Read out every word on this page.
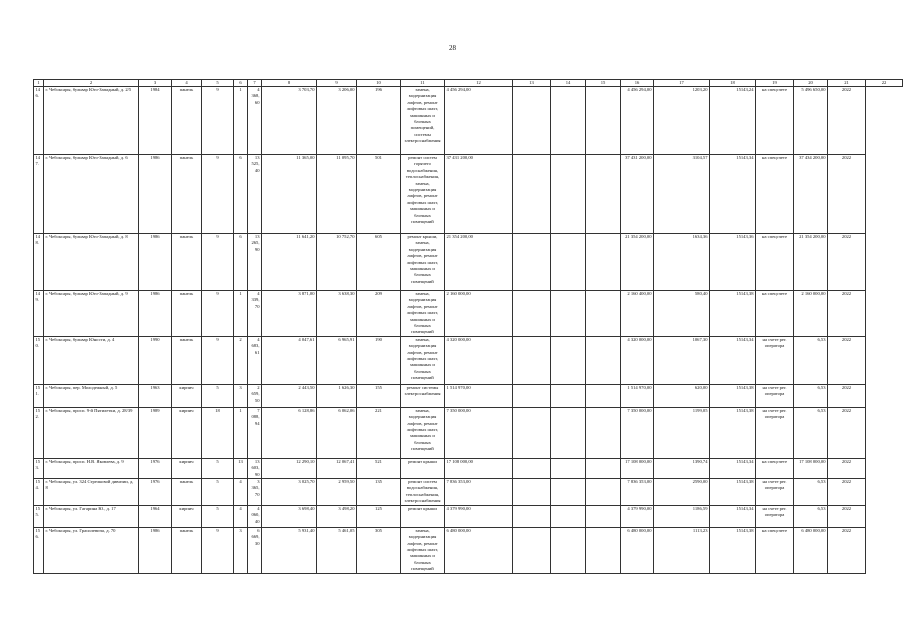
28
1	2	3	4	5	6	7	8	9	10	11	12	13	14	15	16	17	18	19	20	21	22
146.	г. Чебоксары, бульвар Юго-Западный, д. 2/5	1984	панель	9	1	4 368,60	3 703,70	3 206,00	196	замена, модернизация лифтов, ремонт лифтовых шахт, машинных и блочных помещений, системы электроснабжения	4 456 294,00				4 456 294,00	1203,20	15143,24	на спецсчете	5 496 650,00	2022	
147.	г. Чебоксары, бульвар Юго-Западный, д. 6	1986	панель	9	6	13 525,40	11 365,00	11 095,70	501	ремонт систем горячего водоснабжения, теплоснабжения, замена, модернизация лифтов, ремонт лифтовых шахт, машинных и блочных помещений	37 431 200,00				37 431 200,00	3104,57	15143,34	на спецсчете	37 434 200,00	2022	
148.	г. Чебоксары, бульвар Юго-Западный, д. 8	1986	панель	9	6	13 265,90	11 641,20	10 752,70	605	ремонт крыши, замена, модернизация лифтов, ремонт лифтовых шахт, машинных и блочных помещений	21 354 200,00				21 354 200,00	1634,36	15143,36	на спецсчете	21 354 200,00	2022	
149.	г. Чебоксары, бульвар Юго-Западный, д. 9	1986	панель	9	1	4 339,70	3 871,00	3 638,30	209	замена, модернизация лифтов, ремонт лифтовых шахт, машинных и блочных помещений	2 160 000,00				2 160 400,00	580,40	15143,38	на спецсчете	2 160 000,00	2022	
150.	г. Чебоксары, бульвар Юности, д. 4	1990	панель	9	2	4 683,61	4 047,61	6 965,91	190	замена, модернизация лифтов, ремонт лифтовых шахт, машинных и блочных помещений	4 320 000,00				4 320 000,00	1067,30	15143,34	на счете рег. оператора	6,53	2022	
151.	г. Чебоксары, пер. Молодежный, д. 5	1963	кирпич	5	3	2 659,50	2 443,50	1 626,30	155	ремонт системы электроснабжения	1 514 970,00				1 514 970,00	620,00	15143,38	на счете рег. оператора	6,53	2022	
152.	г. Чебоксары, просп. 9-й Пятилетки, д. 28/39	1989	кирпич	18	1	7 088,94	6 128,86	6 062,06	221	замена, модернизация лифтов, ремонт лифтовых шахт, машинных и блочных помещений	7 350 000,00				7 350 000,00	1199,05	15143,38	на счете рег. оператора	6,53	2022	
153.	г. Чебоксары, просп. Н.В. Яковлева, д. 9	1976	кирпич	5	13	13 603,90	12 290,10	12 067,41	521	ремонт крыши	17 108 000,00				17 108 000,00	1390,74	15143,34	на спецсчете	17 108 000,00	2022	
154.	г. Чебоксары, ул. 324 Стрелковой дивизии, д. 8	1976	панель	5	4	3 365,70	3 025,70	2 959,50	135	ремонт систем водоснабжения, теплоснабжения, электроснабжения	7 836 353,00				7 836 353,00	2590,00	15143,38	на счете рег. оператора	6,53	2022	
155.	г. Чебоксары, ул. Гагарина Ю., д. 17	1964	кирпич	5	4	4 060,40	3 698,40	3 498,20	125	ремонт крыши	4 379 990,00				4 379 990,00	1186,59	15143,34	на счете рег. оператора	6,53	2022	
156.	г. Чебоксары, ул. Грасилевича, д. 70	1986	панель	9	3	6 669,30	5 931,40	5 461,05	305	замена, модернизация лифтов, ремонт лифтовых шахт, машинных и блочных помещений	6 480 000,00				6 480 000,00	1113,23	15143,38	на спецсчете	6 480 000,00	2022	
